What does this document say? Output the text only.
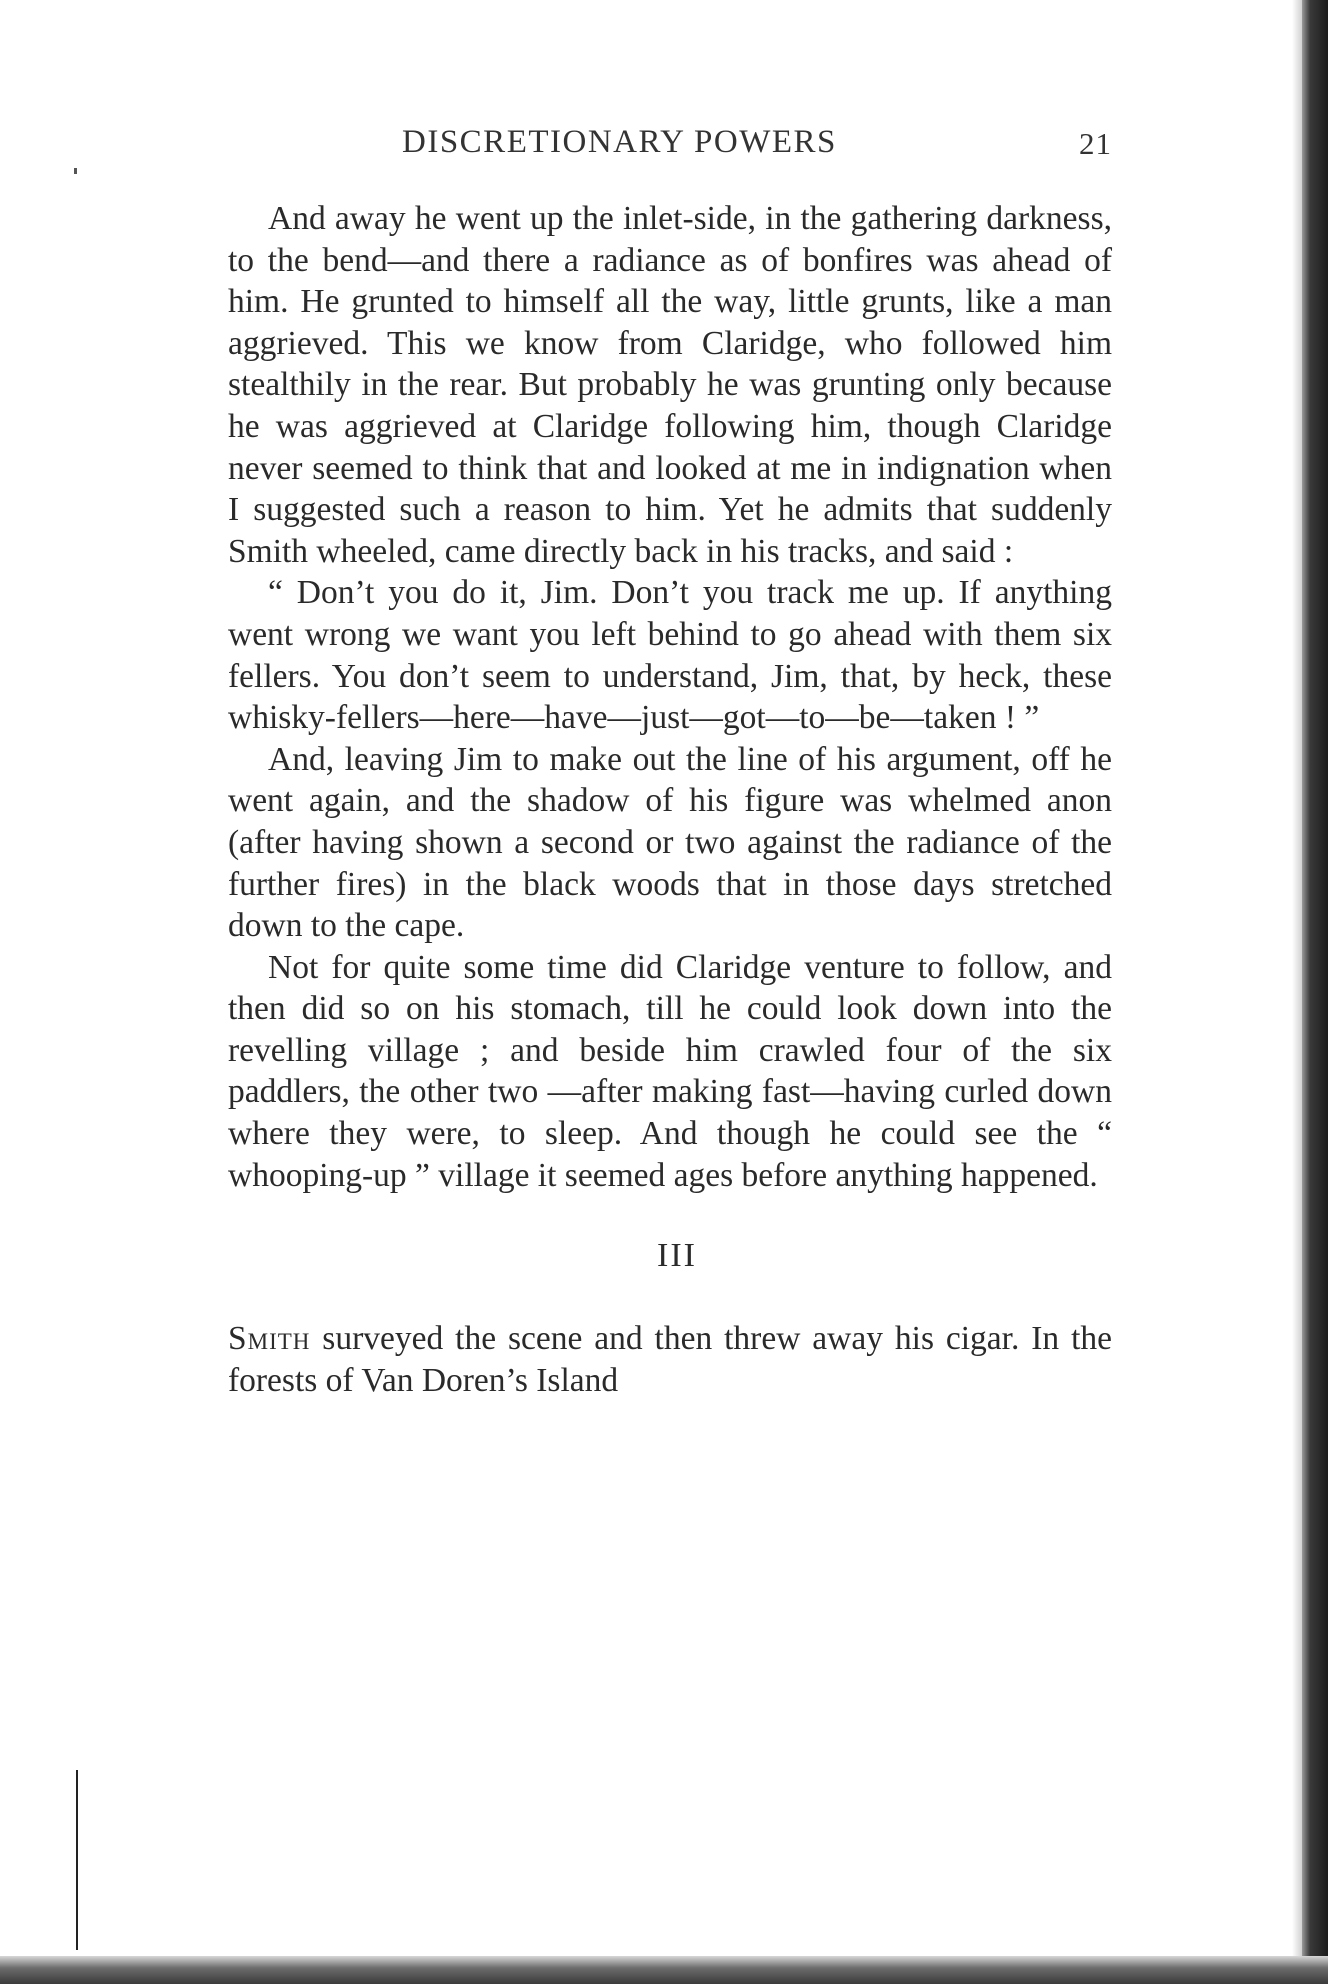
DISCRETIONARY POWERS	21

And away he went up the inlet-side, in the gathering darkness, to the bend—and there a radiance as of bonfires was ahead of him. He grunted to himself all the way, little grunts, like a man aggrieved. This we know from Claridge, who followed him stealthily in the rear. But probably he was grunting only because he was aggrieved at Claridge following him, though Claridge never seemed to think that and looked at me in indignation when I suggested such a reason to him. Yet he admits that suddenly Smith wheeled, came directly back in his tracks, and said :

“ Don’t you do it, Jim. Don’t you track me up. If anything went wrong we want you left behind to go ahead with them six fellers. You don’t seem to understand, Jim, that, by heck, these whisky-fellers—here—have—just—got—to—be—taken ! ”

And, leaving Jim to make out the line of his argument, off he went again, and the shadow of his figure was whelmed anon (after having shown a second or two against the radiance of the further fires) in the black woods that in those days stretched down to the cape.

Not for quite some time did Claridge venture to follow, and then did so on his stomach, till he could look down into the revelling village ; and beside him crawled four of the six paddlers, the other two —after making fast—having curled down where they were, to sleep. And though he could see the “ whooping-up ” village it seemed ages before anything happened.

III

Smith surveyed the scene and then threw away his cigar. In the forests of Van Doren’s Island
